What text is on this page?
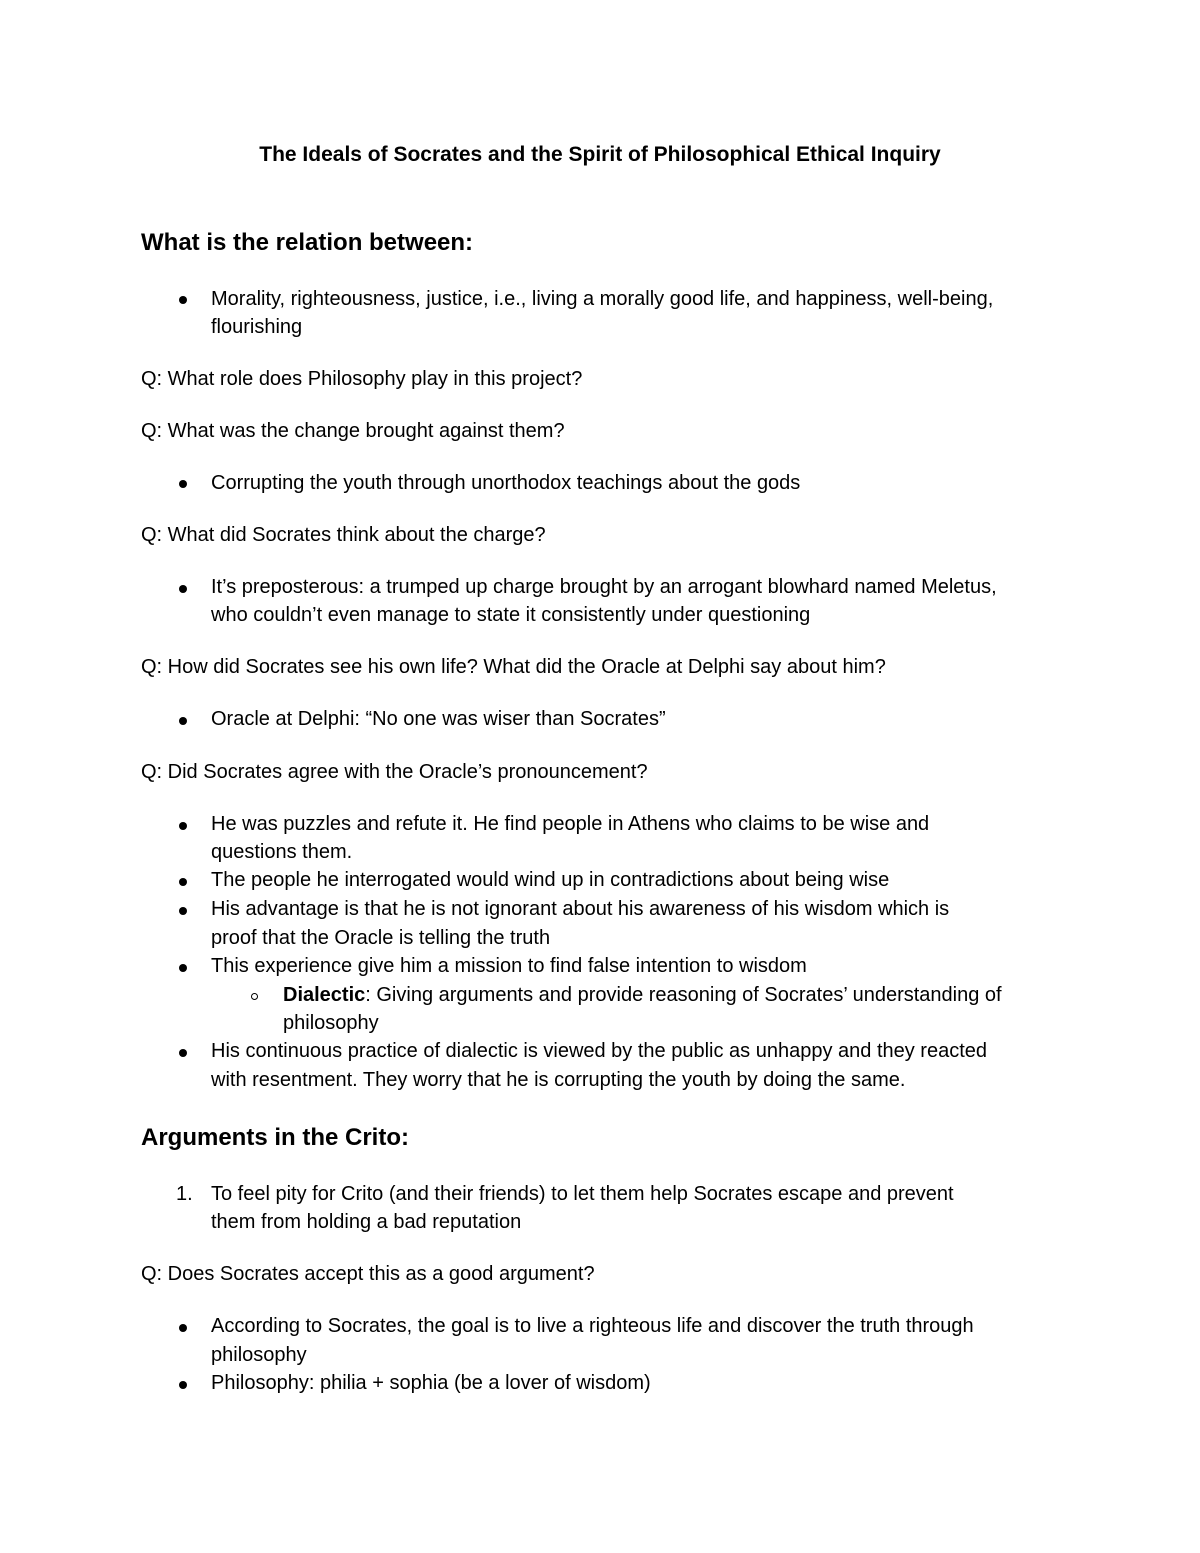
The Ideals of Socrates and the Spirit of Philosophical Ethical Inquiry
What is the relation between:
Morality, righteousness, justice, i.e., living a morally good life, and happiness, well-being,
flourishing
Q: What role does Philosophy play in this project?
Q: What was the change brought against them?
Corrupting the youth through unorthodox teachings about the gods
Q: What did Socrates think about the charge?
It’s preposterous: a trumped up charge brought by an arrogant blowhard named Meletus,
who couldn’t even manage to state it consistently under questioning
Q: How did Socrates see his own life? What did the Oracle at Delphi say about him?
Oracle at Delphi: “No one was wiser than Socrates”
Q: Did Socrates agree with the Oracle’s pronouncement?
He was puzzles and refute it. He find people in Athens who claims to be wise and
questions them.
The people he interrogated would wind up in contradictions about being wise
His advantage is that he is not ignorant about his awareness of his wisdom which is
proof that the Oracle is telling the truth
This experience give him a mission to find false intention to wisdom
Dialectic: Giving arguments and provide reasoning of Socrates’ understanding of
philosophy
His continuous practice of dialectic is viewed by the public as unhappy and they reacted
with resentment. They worry that he is corrupting the youth by doing the same.
Arguments in the Crito:
1. To feel pity for Crito (and their friends) to let them help Socrates escape and prevent
them from holding a bad reputation
Q: Does Socrates accept this as a good argument?
According to Socrates, the goal is to live a righteous life and discover the truth through
philosophy
Philosophy: philia + sophia (be a lover of wisdom)
